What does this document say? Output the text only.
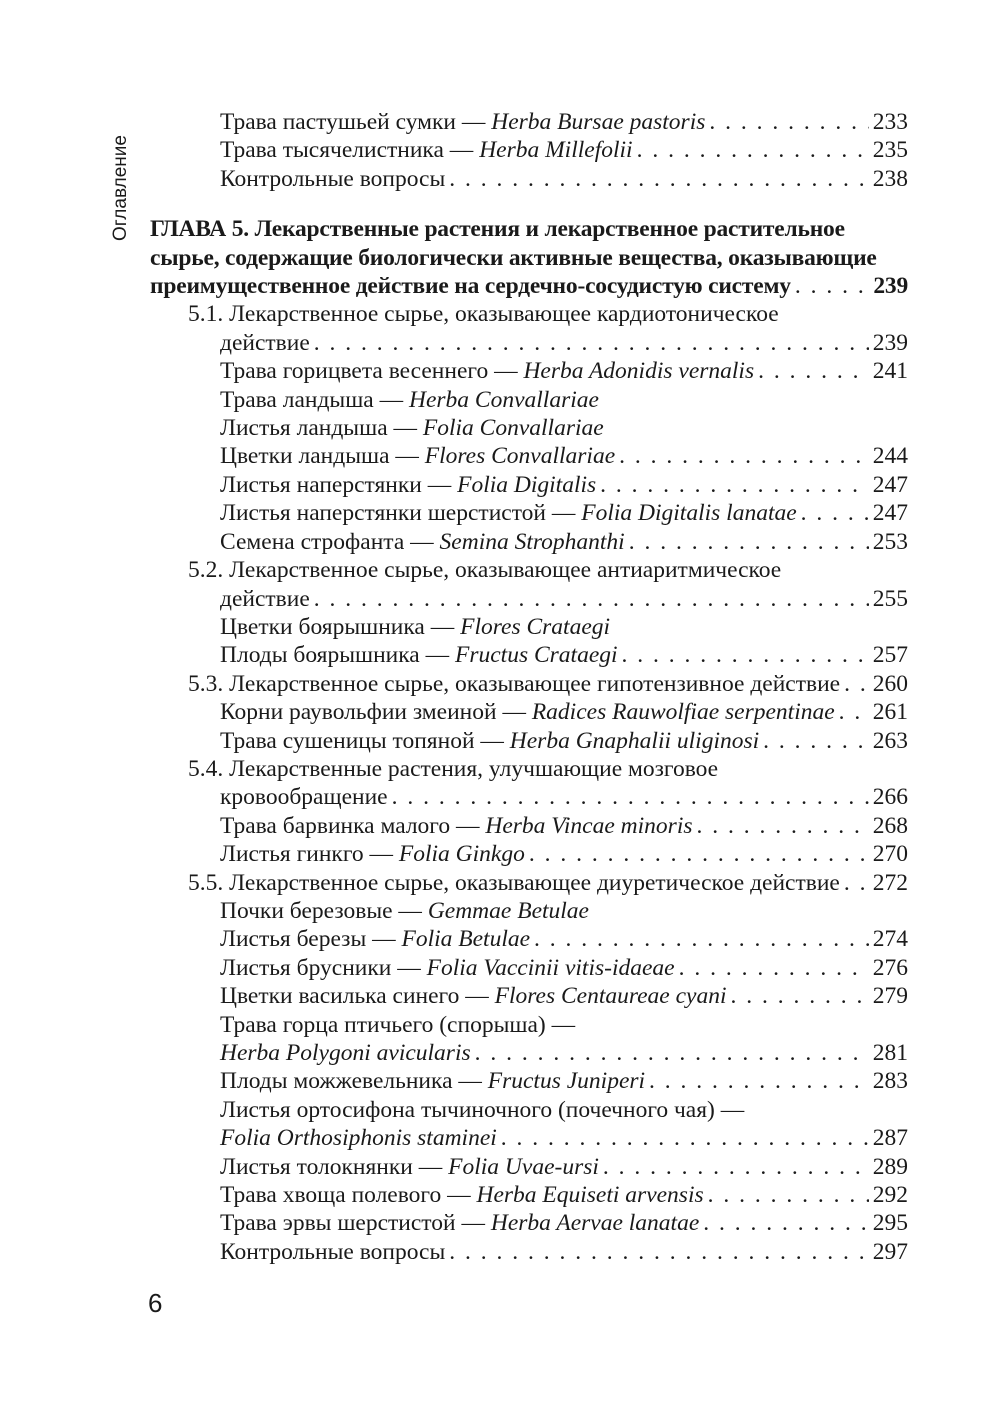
Оглавление
Трава пастушьей сумки — Herba Bursae pastoris . . .	233
Трава тысячелистника — Herba Millefolii . . .	235
Контрольные вопросы . . .	238
ГЛАВА 5. Лекарственные растения и лекарственное растительное
сырье, содержащие биологически активные вещества, оказывающие
преимущественное действие на сердечно-сосудистую систему . . .	239
5.1. Лекарственное сырье, оказывающее кардиотоническое
действие . . .	239
Трава горицвета весеннего — Herba Adonidis vernalis . . .	241
Трава ландыша — Herba Convallariae
Листья ландыша — Folia Convallariae
Цветки ландыша — Flores Convallariae . . .	244
Листья наперстянки — Folia Digitalis . . .	247
Листья наперстянки шерстистой — Folia Digitalis lanatae . . .	247
Семена строфанта — Semina Strophanthi . . .	253
5.2. Лекарственное сырье, оказывающее антиаритмическое
действие . . .	255
Цветки боярышника — Flores Crataegi
Плоды боярышника — Fructus Crataegi . . .	257
5.3. Лекарственное сырье, оказывающее гипотензивное действие . . . 260
Корни раувольфии змеиной — Radices Rauwolfiae serpentinae . . . 261
Трава сушеницы топяной — Herba Gnaphalii uliginosi . . .	263
5.4. Лекарственные растения, улучшающие мозговое
кровообращение . . .	266
Трава барвинка малого — Herba Vincae minoris . . .	268
Листья гинкго — Folia Ginkgo . . .	270
5.5. Лекарственное сырье, оказывающее диуретическое действие . . . 272
Почки березовые — Gemmae Betulae
Листья березы — Folia Betulae . . .	274
Листья брусники — Folia Vaccinii vitis-idaeae . . .	276
Цветки василька синего — Flores Centaureae cyani . . .	279
Трава горца птичьего (спорыша) —
Herba Polygoni avicularis . . .	281
Плоды можжевельника — Fructus Juniperi . . .	283
Листья ортосифона тычиночного (почечного чая) —
Folia Orthosiphonis staminei . . .	287
Листья толокнянки — Folia Uvae-ursi . . .	289
Трава хвоща полевого — Herba Equiseti arvensis . . .	292
Трава эрвы шерстистой — Herba Aervae lanatae . . .	295
Контрольные вопросы . . .	297
6
